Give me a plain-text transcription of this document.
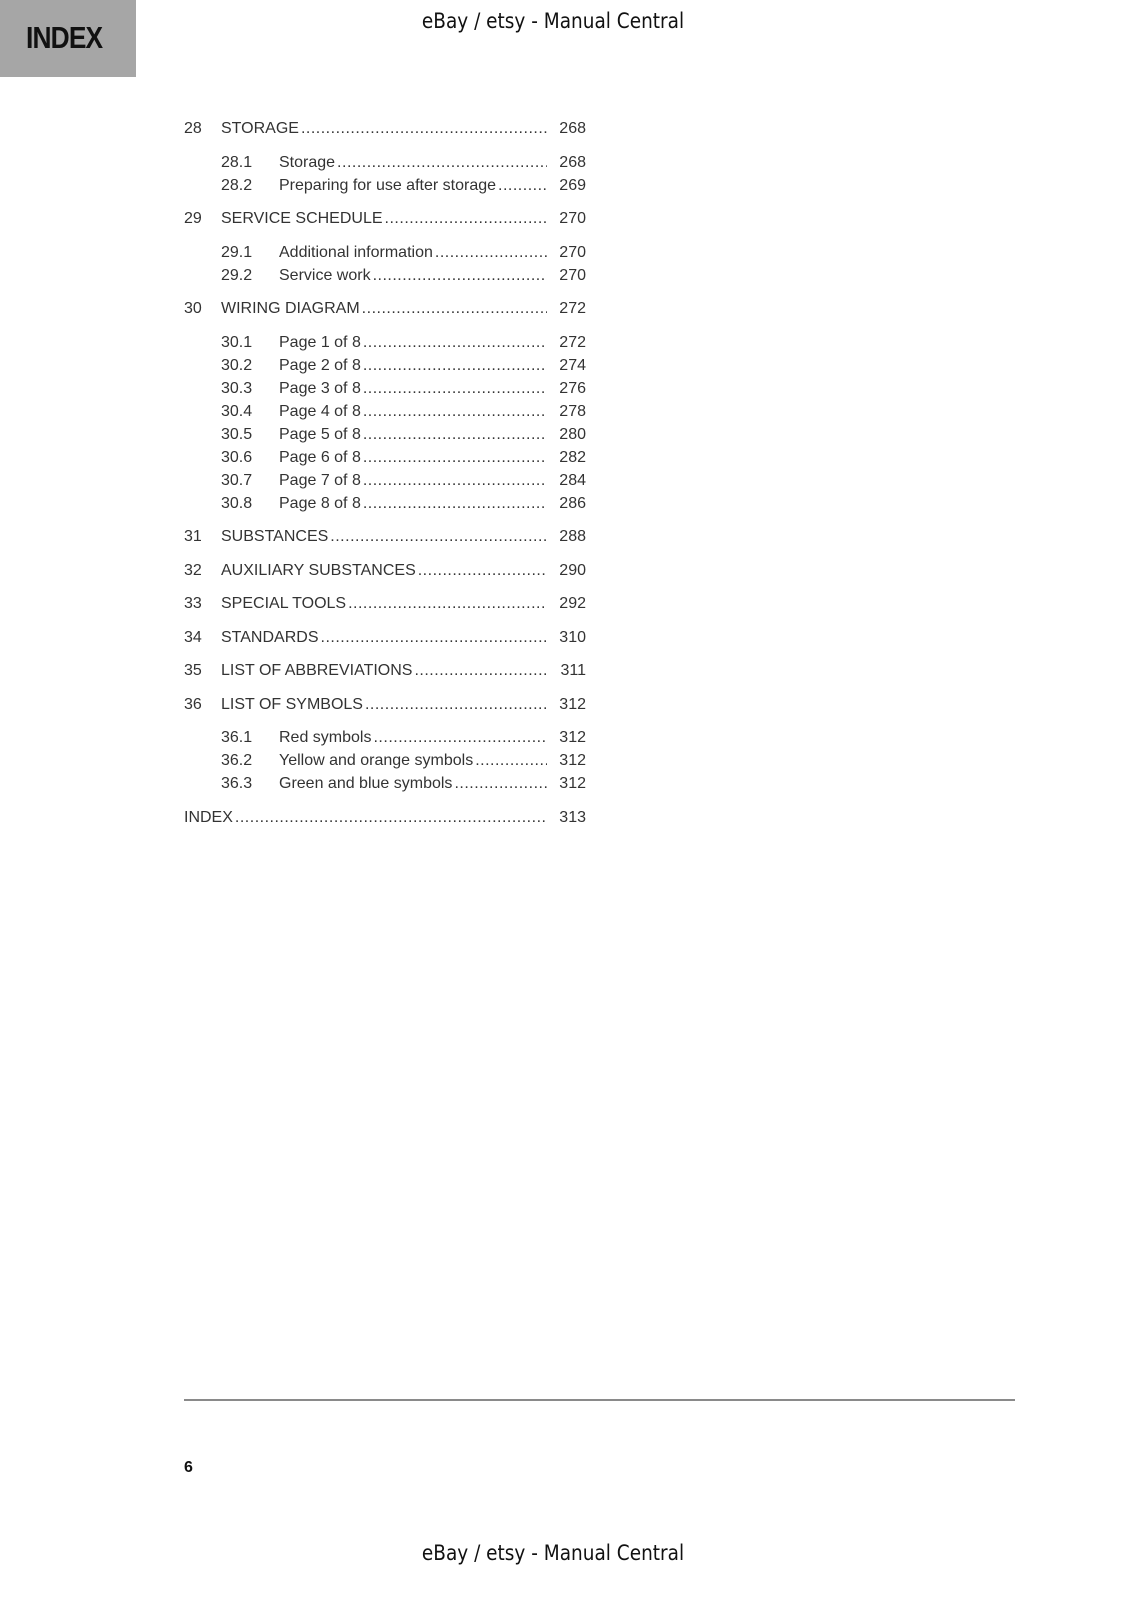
INDEX	eBay / etsy - Manual Central
28	STORAGE .....	268
28.1	Storage .....	268
28.2	Preparing for use after storage .....	269
29	SERVICE SCHEDULE .....	270
29.1	Additional information .....	270
29.2	Service work .....	270
30	WIRING DIAGRAM .....	272
30.1	Page 1 of 8 .....	272
30.2	Page 2 of 8 .....	274
30.3	Page 3 of 8 .....	276
30.4	Page 4 of 8 .....	278
30.5	Page 5 of 8 .....	280
30.6	Page 6 of 8 .....	282
30.7	Page 7 of 8 .....	284
30.8	Page 8 of 8 .....	286
31	SUBSTANCES .....	288
32	AUXILIARY SUBSTANCES .....	290
33	SPECIAL TOOLS .....	292
34	STANDARDS .....	310
35	LIST OF ABBREVIATIONS .....	311
36	LIST OF SYMBOLS .....	312
36.1	Red symbols .....	312
36.2	Yellow and orange symbols .....	312
36.3	Green and blue symbols .....	312
INDEX .....	313
6
eBay / etsy - Manual Central
